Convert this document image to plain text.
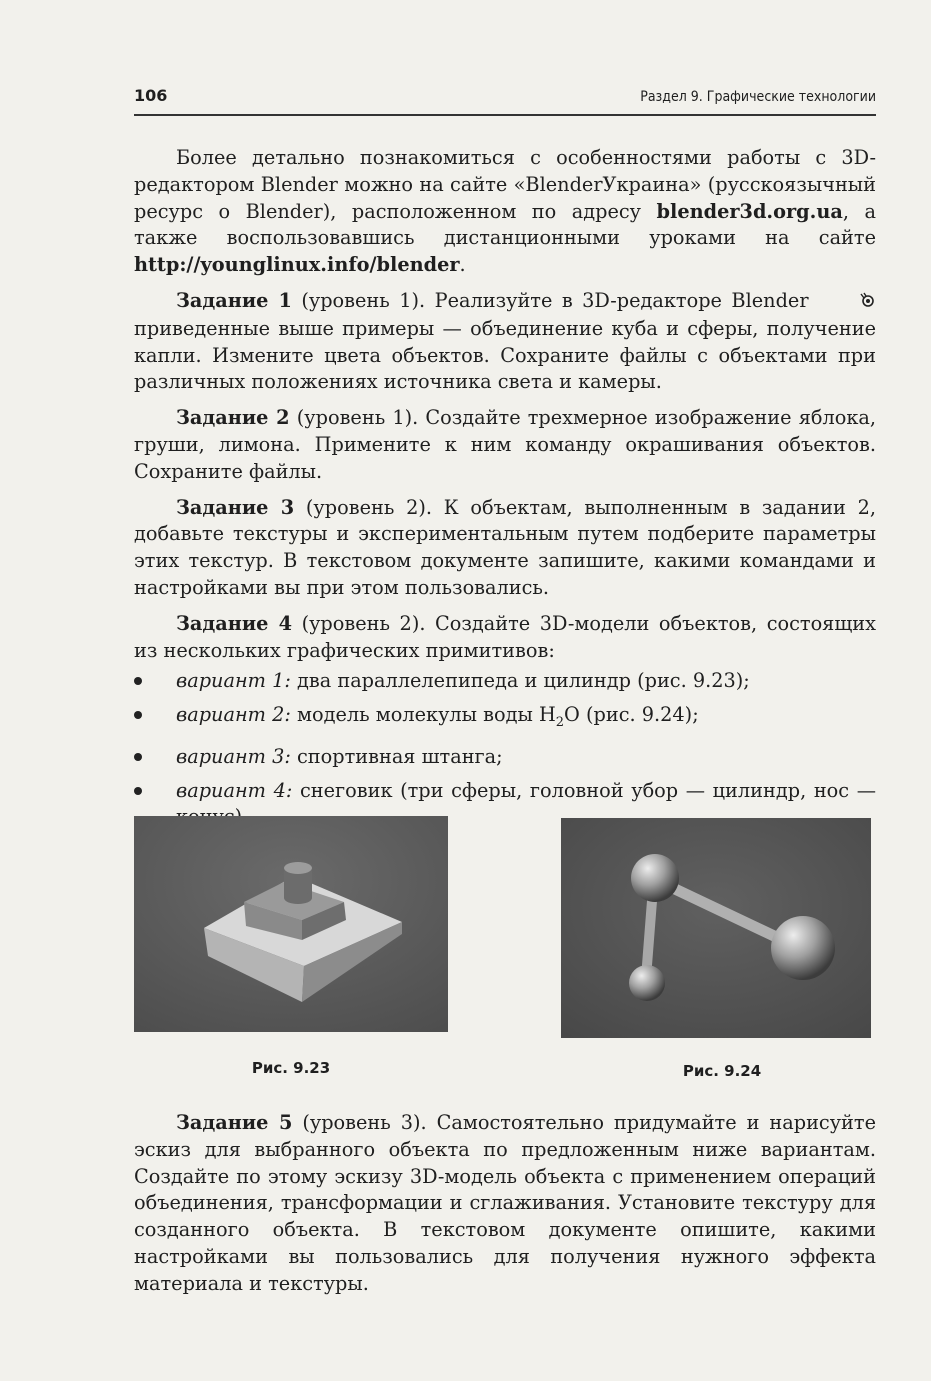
106	Раздел 9. Графические технологии

Более детально познакомиться с особенностями работы с 3D-редактором Blender можно на сайте «BlenderУкраина» (русскоязычный ресурс о Blender), расположенном по адресу blender3d.org.ua, а также воспользовавшись дистанционными уроками на сайте http://younglinux.info/blender.

Задание 1 (уровень 1). Реализуйте в 3D-редакторе Blender  приведенные выше примеры — объединение куба и сферы, получение капли. Измените цвета объектов. Сохраните файлы с объектами при различных положениях источника света и камеры.

Задание 2 (уровень 1). Создайте трехмерное изображение яблока, груши, лимона. Примените к ним команду окрашивания объектов. Сохраните файлы.

Задание 3 (уровень 2). К объектам, выполненным в задании 2, добавьте текстуры и экспериментальным путем подберите параметры этих текстур. В текстовом документе запишите, какими командами и настройками вы при этом пользовались.

Задание 4 (уровень 2). Создайте 3D-модели объектов, состоящих из нескольких графических примитивов:

вариант 1: два параллелепипеда и цилиндр (рис. 9.23);
вариант 2: модель молекулы воды $Н_2О$ (рис. 9.24);
вариант 3: спортивная штанга;
вариант 4: снеговик (три сферы, головной убор — цилиндр, нос —
Рис. 9.23	Рис. 9.24

Задание 5 (уровень 3). Самостоятельно придумайте и нарисуйте эскиз для выбранного объекта по предложенным ниже вариантам. Создайте по этому эскизу 3D-модель объекта с применением операций объединения, трансформации и сглаживания. Установите текстуру для созданного объекта. В текстовом документе опишите, какими настройками вы пользовались для получения нужного эффекта материала и текстуры.
